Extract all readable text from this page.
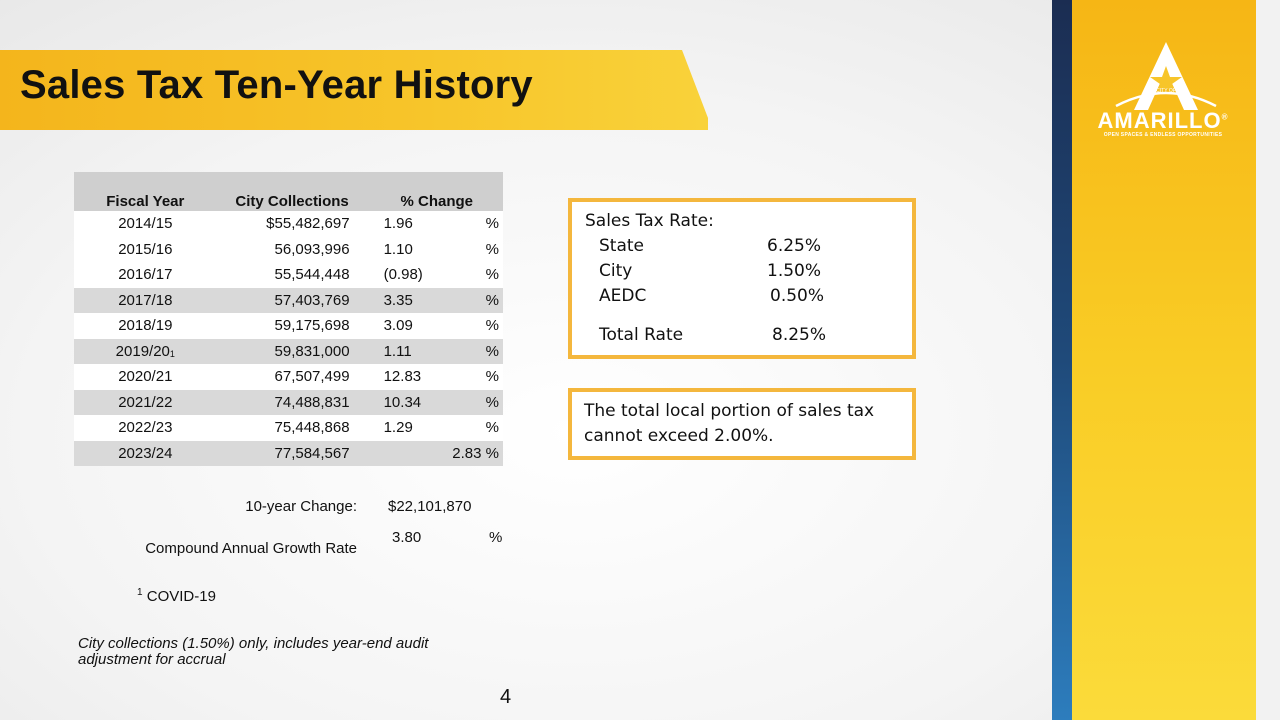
Sales Tax Ten-Year History	CITY OF
AMARILLO®
OPEN SPACES & ENDLESS OPPORTUNITIES
Fiscal Year	City Collections	% Change	
2014/15	$55,482,697	1.96	%
2015/16	56,093,996	1.10	%
2016/17	55,544,448	(0.98)	%
2017/18	57,403,769	3.35	%
2018/19	59,175,698	3.09	%
$2019/20_1$	59,831,000	1.11	%
2020/21	67,507,499	12.83	%
2021/22	74,488,831	10.34	%
2022/23	75,448,868	1.29	%
2023/24	77,584,567		2.83 %
10-year Change: $22,101,870
Compound Annual Growth Rate
3.80	%
$^1$ COVID-19
City collections (1.50%) only, includes year-end audit adjustment for accrual
Sales Tax Rate:
State	6.25%
City	1.50%
AEDC	0.50%
Total Rate	8.25%
The total local portion of sales tax cannot exceed 2.00%.
4
